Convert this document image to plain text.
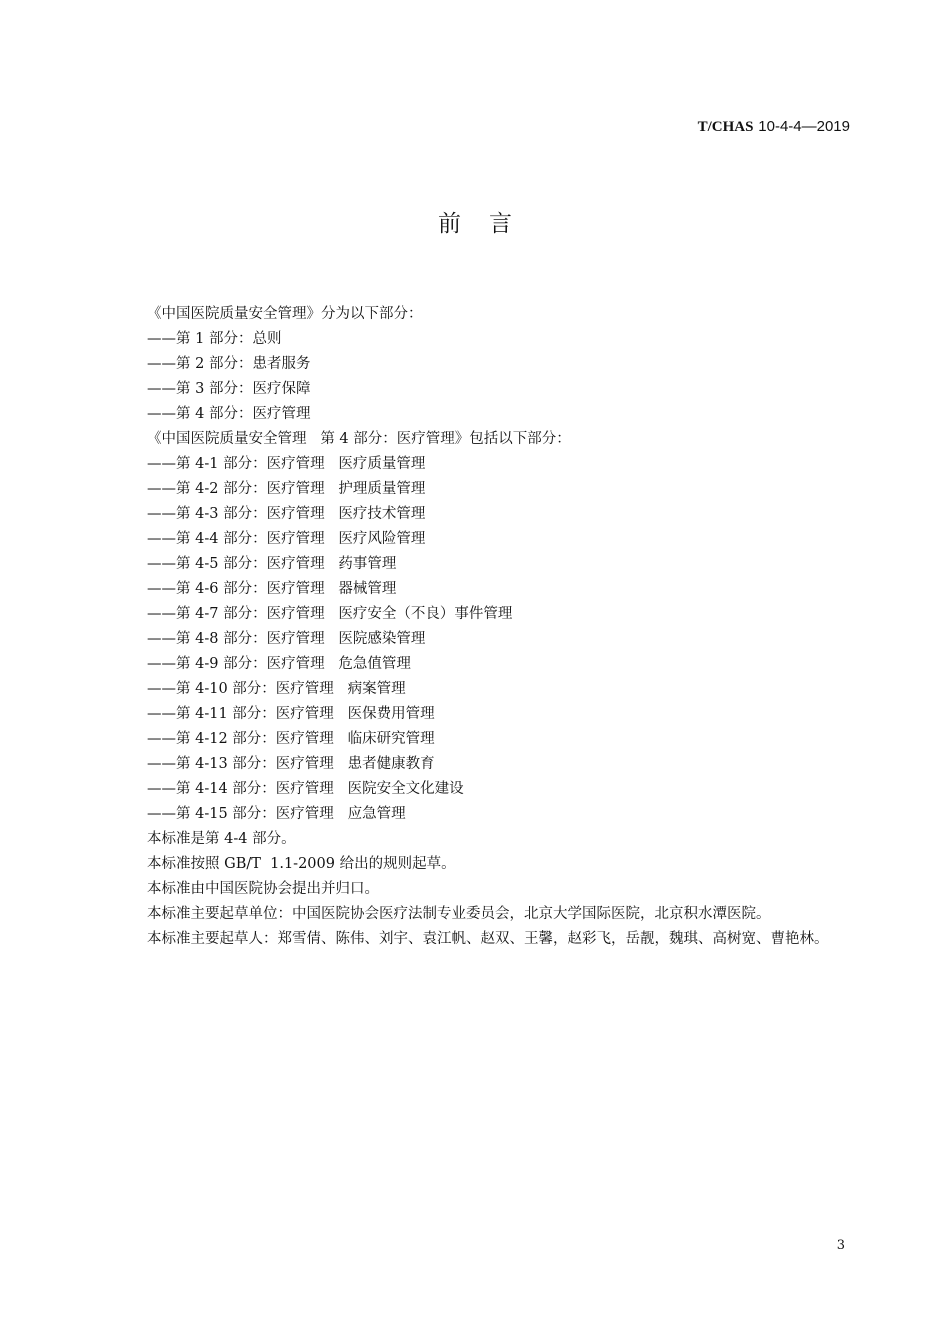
T/CHAS 10-4-4—2019
前言
《中国医院质量安全管理》分为以下部分：
——第 1 部分：总则
——第 2 部分：患者服务
——第 3 部分：医疗保障
——第 4 部分：医疗管理
《中国医院质量安全管理   第 4 部分：医疗管理》包括以下部分：
——第 4-1 部分：医疗管理   医疗质量管理
——第 4-2 部分：医疗管理   护理质量管理
——第 4-3 部分：医疗管理   医疗技术管理
——第 4-4 部分：医疗管理   医疗风险管理
——第 4-5 部分：医疗管理   药事管理
——第 4-6 部分：医疗管理   器械管理
——第 4-7 部分：医疗管理   医疗安全（不良）事件管理
——第 4-8 部分：医疗管理   医院感染管理
——第 4-9 部分：医疗管理   危急值管理
——第 4-10 部分：医疗管理   病案管理
——第 4-11 部分：医疗管理   医保费用管理
——第 4-12 部分：医疗管理   临床研究管理
——第 4-13 部分：医疗管理   患者健康教育
——第 4-14 部分：医疗管理   医院安全文化建设
——第 4-15 部分：医疗管理   应急管理
本标准是第 4-4 部分。
本标准按照 GB/T  1.1-2009 给出的规则起草。
本标准由中国医院协会提出并归口。
本标准主要起草单位：中国医院协会医疗法制专业委员会，北京大学国际医院，北京积水潭医院。
本标准主要起草人：郑雪倩、陈伟、刘宇、袁江帆、赵双、王馨，赵彩飞，岳靓，魏琪、高树宽、曹艳林。
3
